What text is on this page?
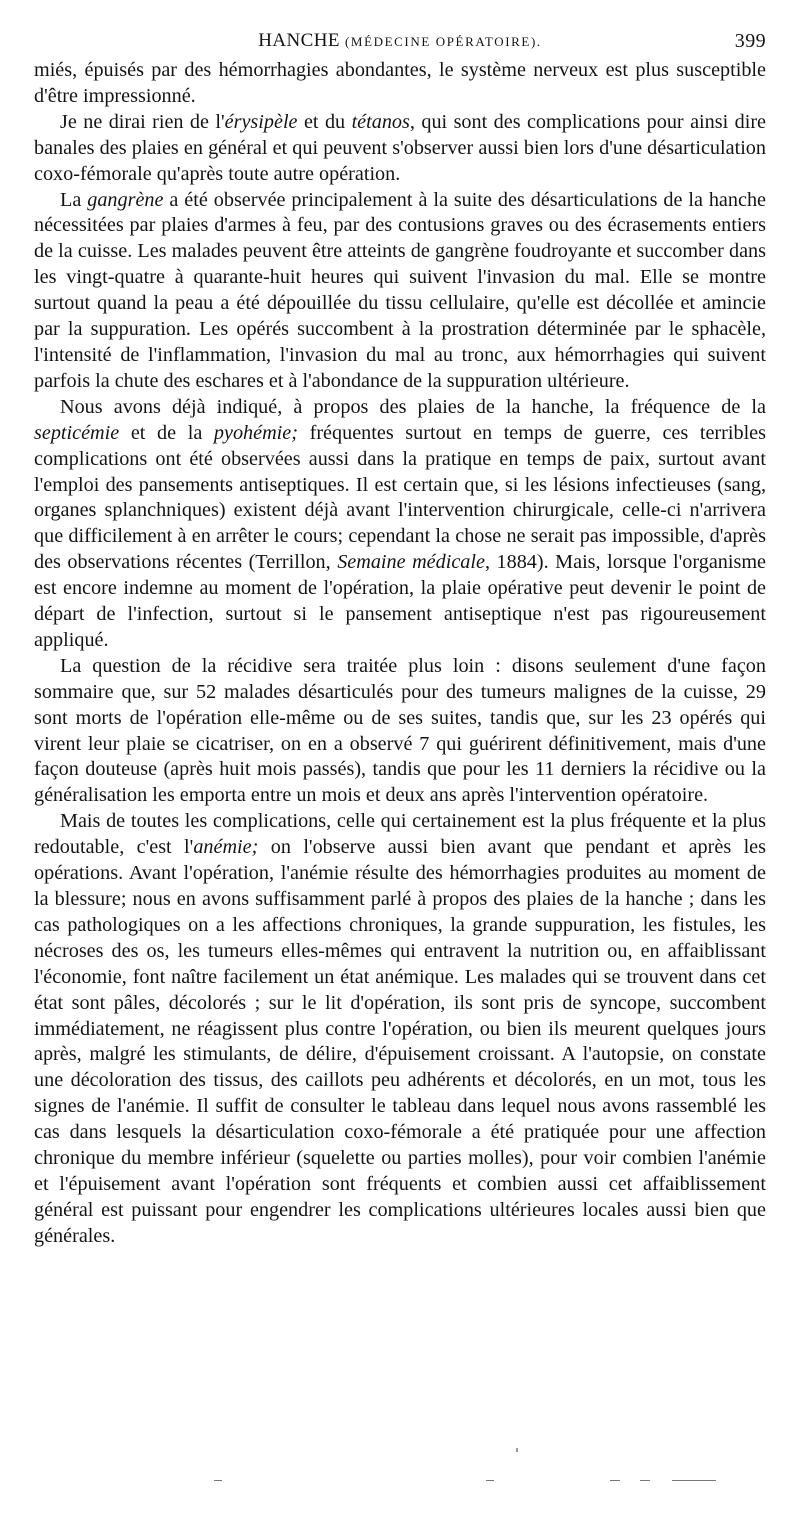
HANCHE (MÉDECINE OPÉRATOIRE).	399

miés, épuisés par des hémorrhagies abondantes, le système nerveux est plus susceptible d'être impressionné.

Je ne dirai rien de l'érysipèle et du tétanos, qui sont des complications pour ainsi dire banales des plaies en général et qui peuvent s'observer aussi bien lors d'une désarticulation coxo-fémorale qu'après toute autre opération.

La gangrène a été observée principalement à la suite des désarticulations de la hanche nécessitées par plaies d'armes à feu, par des contusions graves ou des écrasements entiers de la cuisse. Les malades peuvent être atteints de gangrène foudroyante et succomber dans les vingt-quatre à quarante-huit heures qui suivent l'invasion du mal. Elle se montre surtout quand la peau a été dépouillée du tissu cellulaire, qu'elle est décollée et amincie par la suppuration. Les opérés succombent à la prostration déterminée par le sphacèle, l'intensité de l'inflammation, l'invasion du mal au tronc, aux hémorrhagies qui suivent parfois la chute des eschares et à l'abondance de la suppuration ultérieure.

Nous avons déjà indiqué, à propos des plaies de la hanche, la fréquence de la septicémie et de la pyohémie; fréquentes surtout en temps de guerre, ces terribles complications ont été observées aussi dans la pratique en temps de paix, surtout avant l'emploi des pansements antiseptiques. Il est certain que, si les lésions infectieuses (sang, organes splanchniques) existent déjà avant l'intervention chirurgicale, celle-ci n'arrivera que difficilement à en arrêter le cours; cependant la chose ne serait pas impossible, d'après des observations récentes (Terrillon, Semaine médicale, 1884). Mais, lorsque l'organisme est encore indemne au moment de l'opération, la plaie opérative peut devenir le point de départ de l'infection, surtout si le pansement antiseptique n'est pas rigoureusement appliqué.

La question de la récidive sera traitée plus loin : disons seulement d'une façon sommaire que, sur 52 malades désarticulés pour des tumeurs malignes de la cuisse, 29 sont morts de l'opération elle-même ou de ses suites, tandis que, sur les 23 opérés qui virent leur plaie se cicatriser, on en a observé 7 qui guérirent définitivement, mais d'une façon douteuse (après huit mois passés), tandis que pour les 11 derniers la récidive ou la généralisation les emporta entre un mois et deux ans après l'intervention opératoire.

Mais de toutes les complications, celle qui certainement est la plus fréquente et la plus redoutable, c'est l'anémie; on l'observe aussi bien avant que pendant et après les opérations. Avant l'opération, l'anémie résulte des hémorrhagies produites au moment de la blessure; nous en avons suffisamment parlé à propos des plaies de la hanche ; dans les cas pathologiques on a les affections chroniques, la grande suppuration, les fistules, les nécroses des os, les tumeurs elles-mêmes qui entravent la nutrition ou, en affaiblissant l'économie, font naître facilement un état anémique. Les malades qui se trouvent dans cet état sont pâles, décolorés ; sur le lit d'opération, ils sont pris de syncope, succombent immédiatement, ne réagissent plus contre l'opération, ou bien ils meurent quelques jours après, malgré les stimulants, de délire, d'épuisement croissant. A l'autopsie, on constate une décoloration des tissus, des caillots peu adhérents et décolorés, en un mot, tous les signes de l'anémie. Il suffit de consulter le tableau dans lequel nous avons rassemblé les cas dans lesquels la désarticulation coxo-fémorale a été pratiquée pour une affection chronique du membre inférieur (squelette ou parties molles), pour voir combien l'anémie et l'épuisement avant l'opération sont fréquents et combien aussi cet affaiblissement général est puissant pour engendrer les complications ultérieures locales aussi bien que générales.
